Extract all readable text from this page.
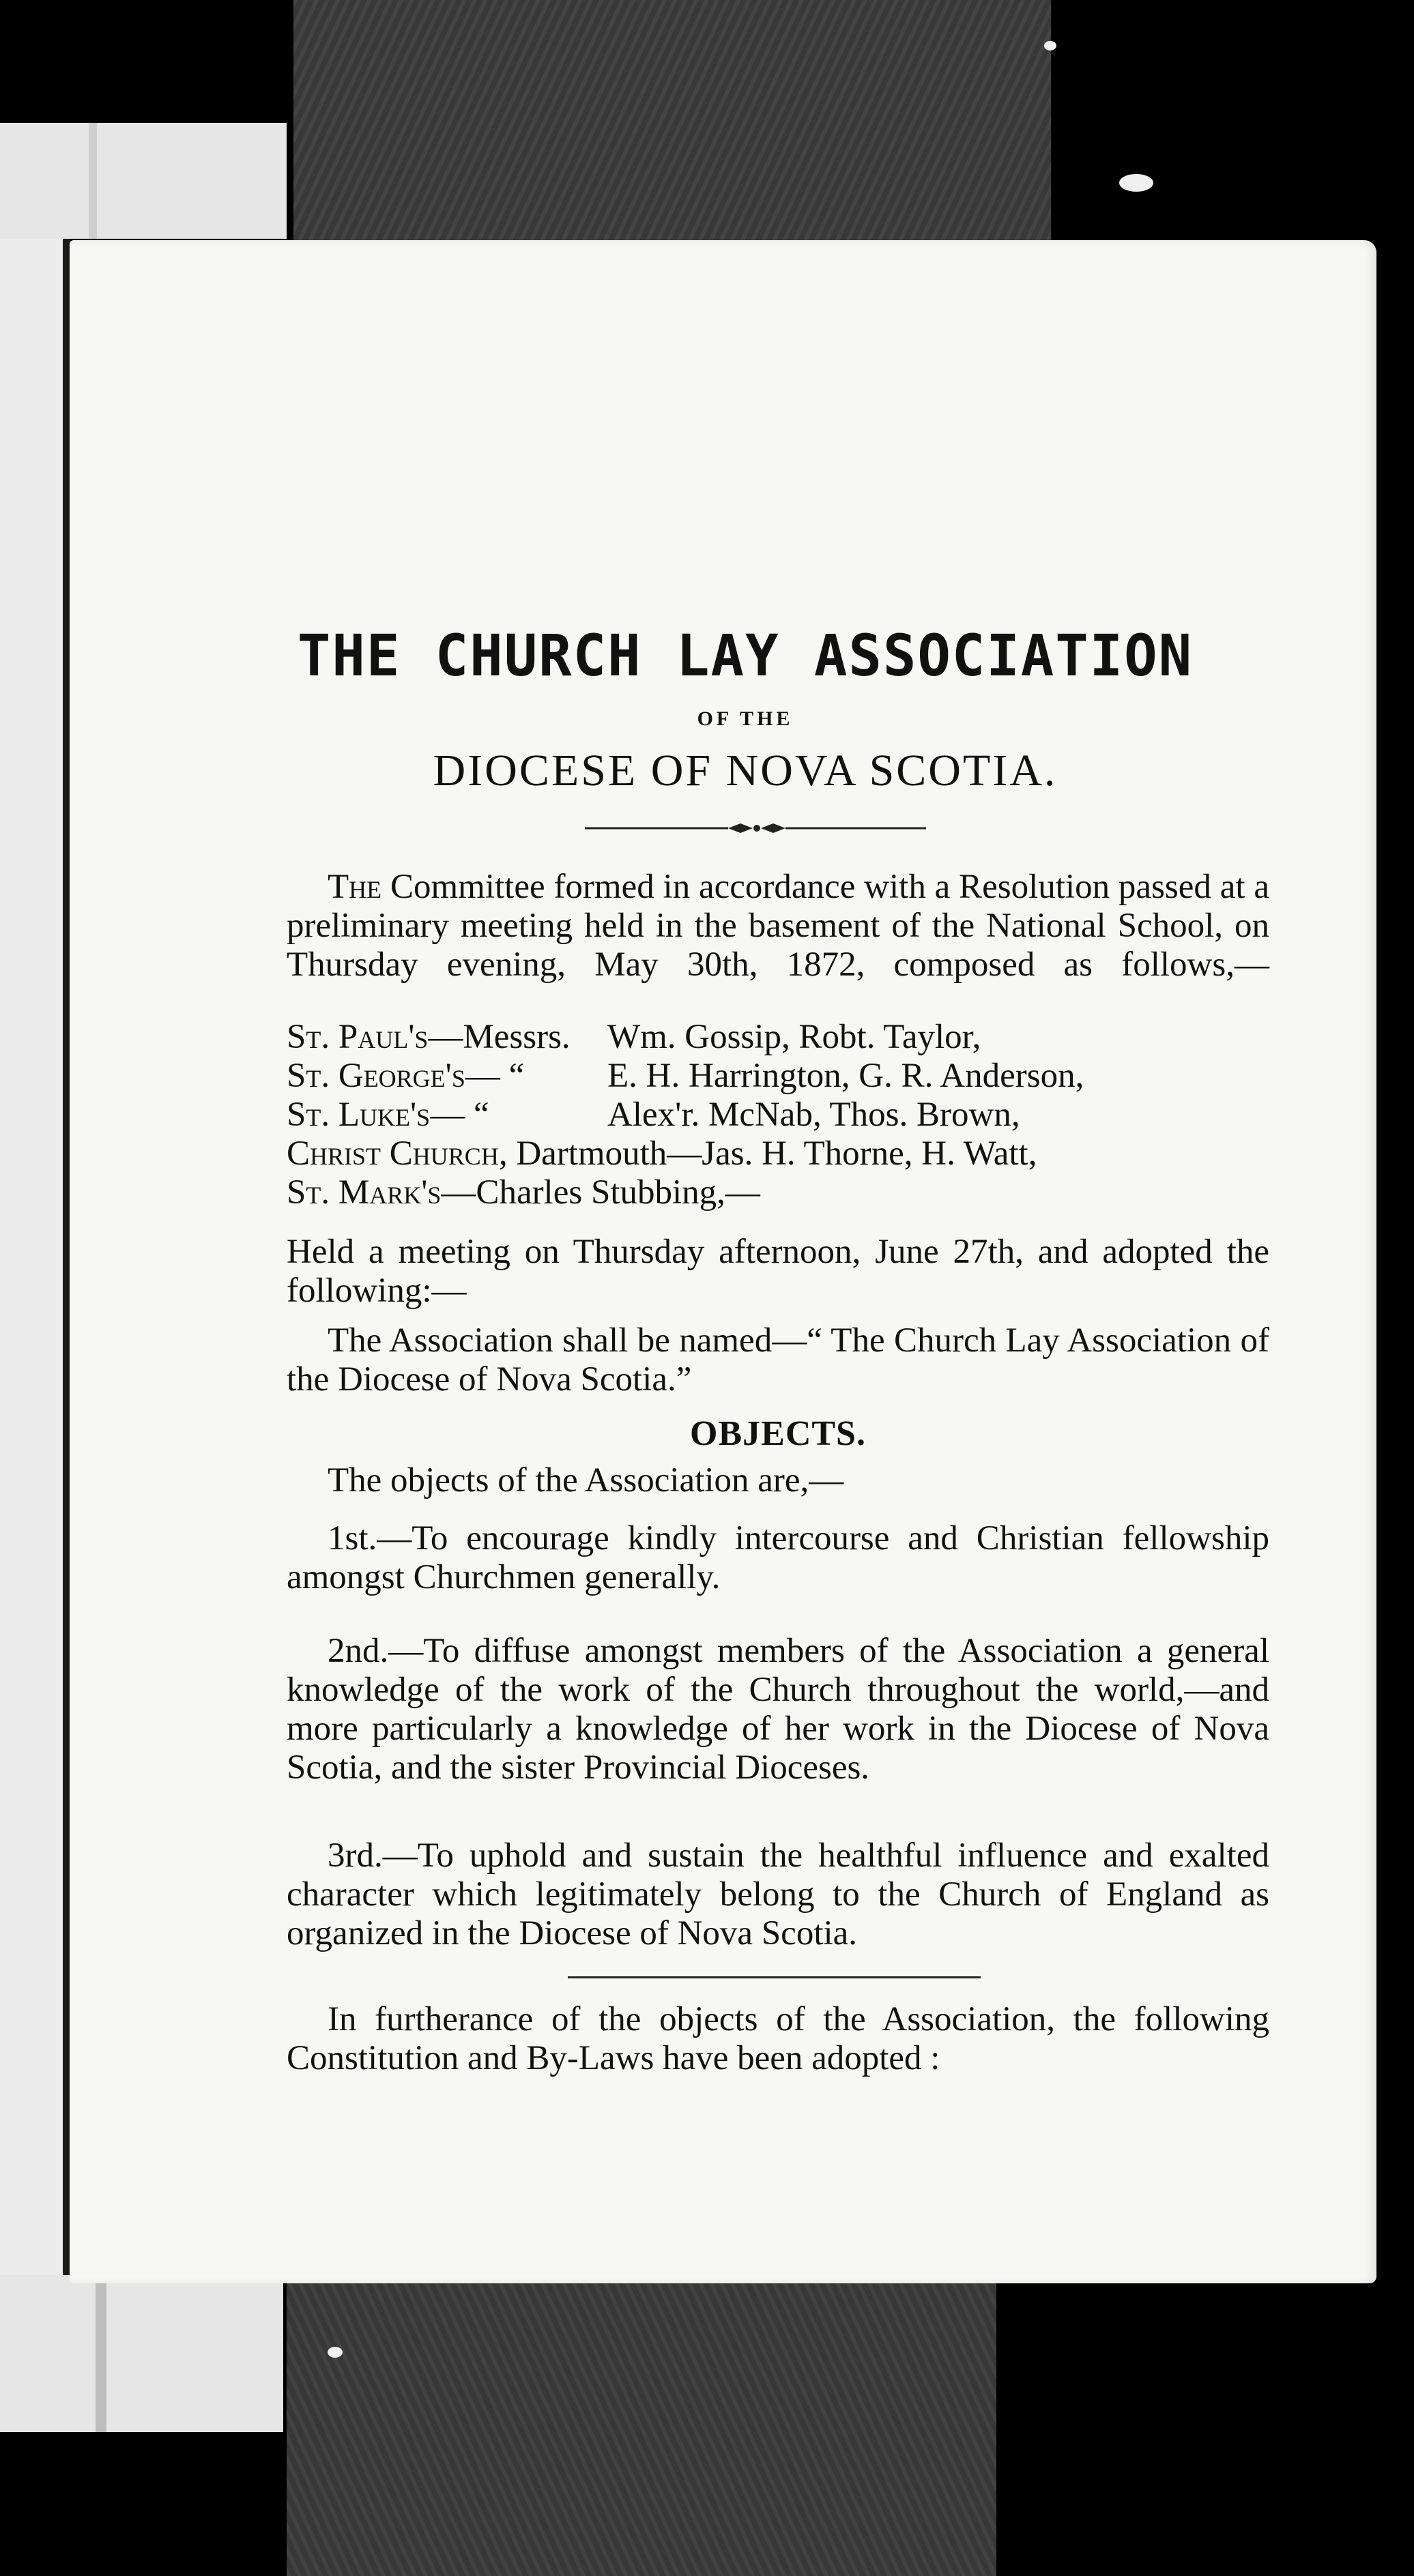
THE CHURCH LAY ASSOCIATION
OF THE
DIOCESE OF NOVA SCOTIA.
The Committee formed in accordance with a Resolution passed at a preliminary meeting held in the basement of the National School, on Thursday evening, May 30th, 1872, composed as follows,—
St. Paul's—Messrs.	Wm. Gossip, Robt. Taylor,
St. George's— “	E. H. Harrington, G. R. Anderson,
St. Luke's— “	Alex'r. McNab, Thos. Brown,
Christ Church, Dartmouth—Jas. H. Thorne, H. Watt,
St. Mark's—Charles Stubbing,—

Held a meeting on Thursday afternoon, June 27th, and adopted the following:—

The Association shall be named—“ The Church Lay Association of the Diocese of Nova Scotia.”
OBJECTS.
The objects of the Association are,—
1st.—To encourage kindly intercourse and Christian fellowship amongst Churchmen generally.
2nd.—To diffuse amongst members of the Association a general knowledge of the work of the Church throughout the world,—and more particularly a knowledge of her work in the Diocese of Nova Scotia, and the sister Provincial Dioceses.
3rd.—To uphold and sustain the healthful influence and exalted character which legitimately belong to the Church of England as organized in the Diocese of Nova Scotia.
In furtherance of the objects of the Association, the following Constitution and By-Laws have been adopted :
